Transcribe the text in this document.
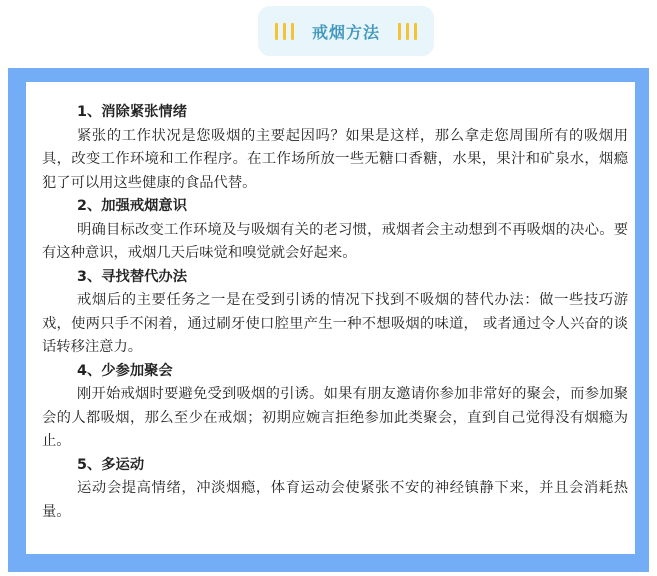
戒烟方法
1、消除紧张情绪

紧张的工作状况是您吸烟的主要起因吗？如果是这样，那么拿走您周围所有的吸烟用具，改变工作环境和工作程序。在工作场所放一些无糖口香糖，水果，果汁和矿泉水，烟瘾犯了可以用这些健康的食品代替。

2、加强戒烟意识

明确目标改变工作环境及与吸烟有关的老习惯，戒烟者会主动想到不再吸烟的决心。要有这种意识，戒烟几天后味觉和嗅觉就会好起来。

3、寻找替代办法

戒烟后的主要任务之一是在受到引诱的情况下找到不吸烟的替代办法：做一些技巧游戏，使两只手不闲着，通过刷牙使口腔里产生一种不想吸烟的味道， 或者通过令人兴奋的谈话转移注意力。

4、少参加聚会

刚开始戒烟时要避免受到吸烟的引诱。如果有朋友邀请你参加非常好的聚会，而参加聚会的人都吸烟，那么至少在戒烟；初期应婉言拒绝参加此类聚会，直到自己觉得没有烟瘾为止。

5、多运动

运动会提高情绪，冲淡烟瘾，体育运动会使紧张不安的神经镇静下来，并且会消耗热量。
